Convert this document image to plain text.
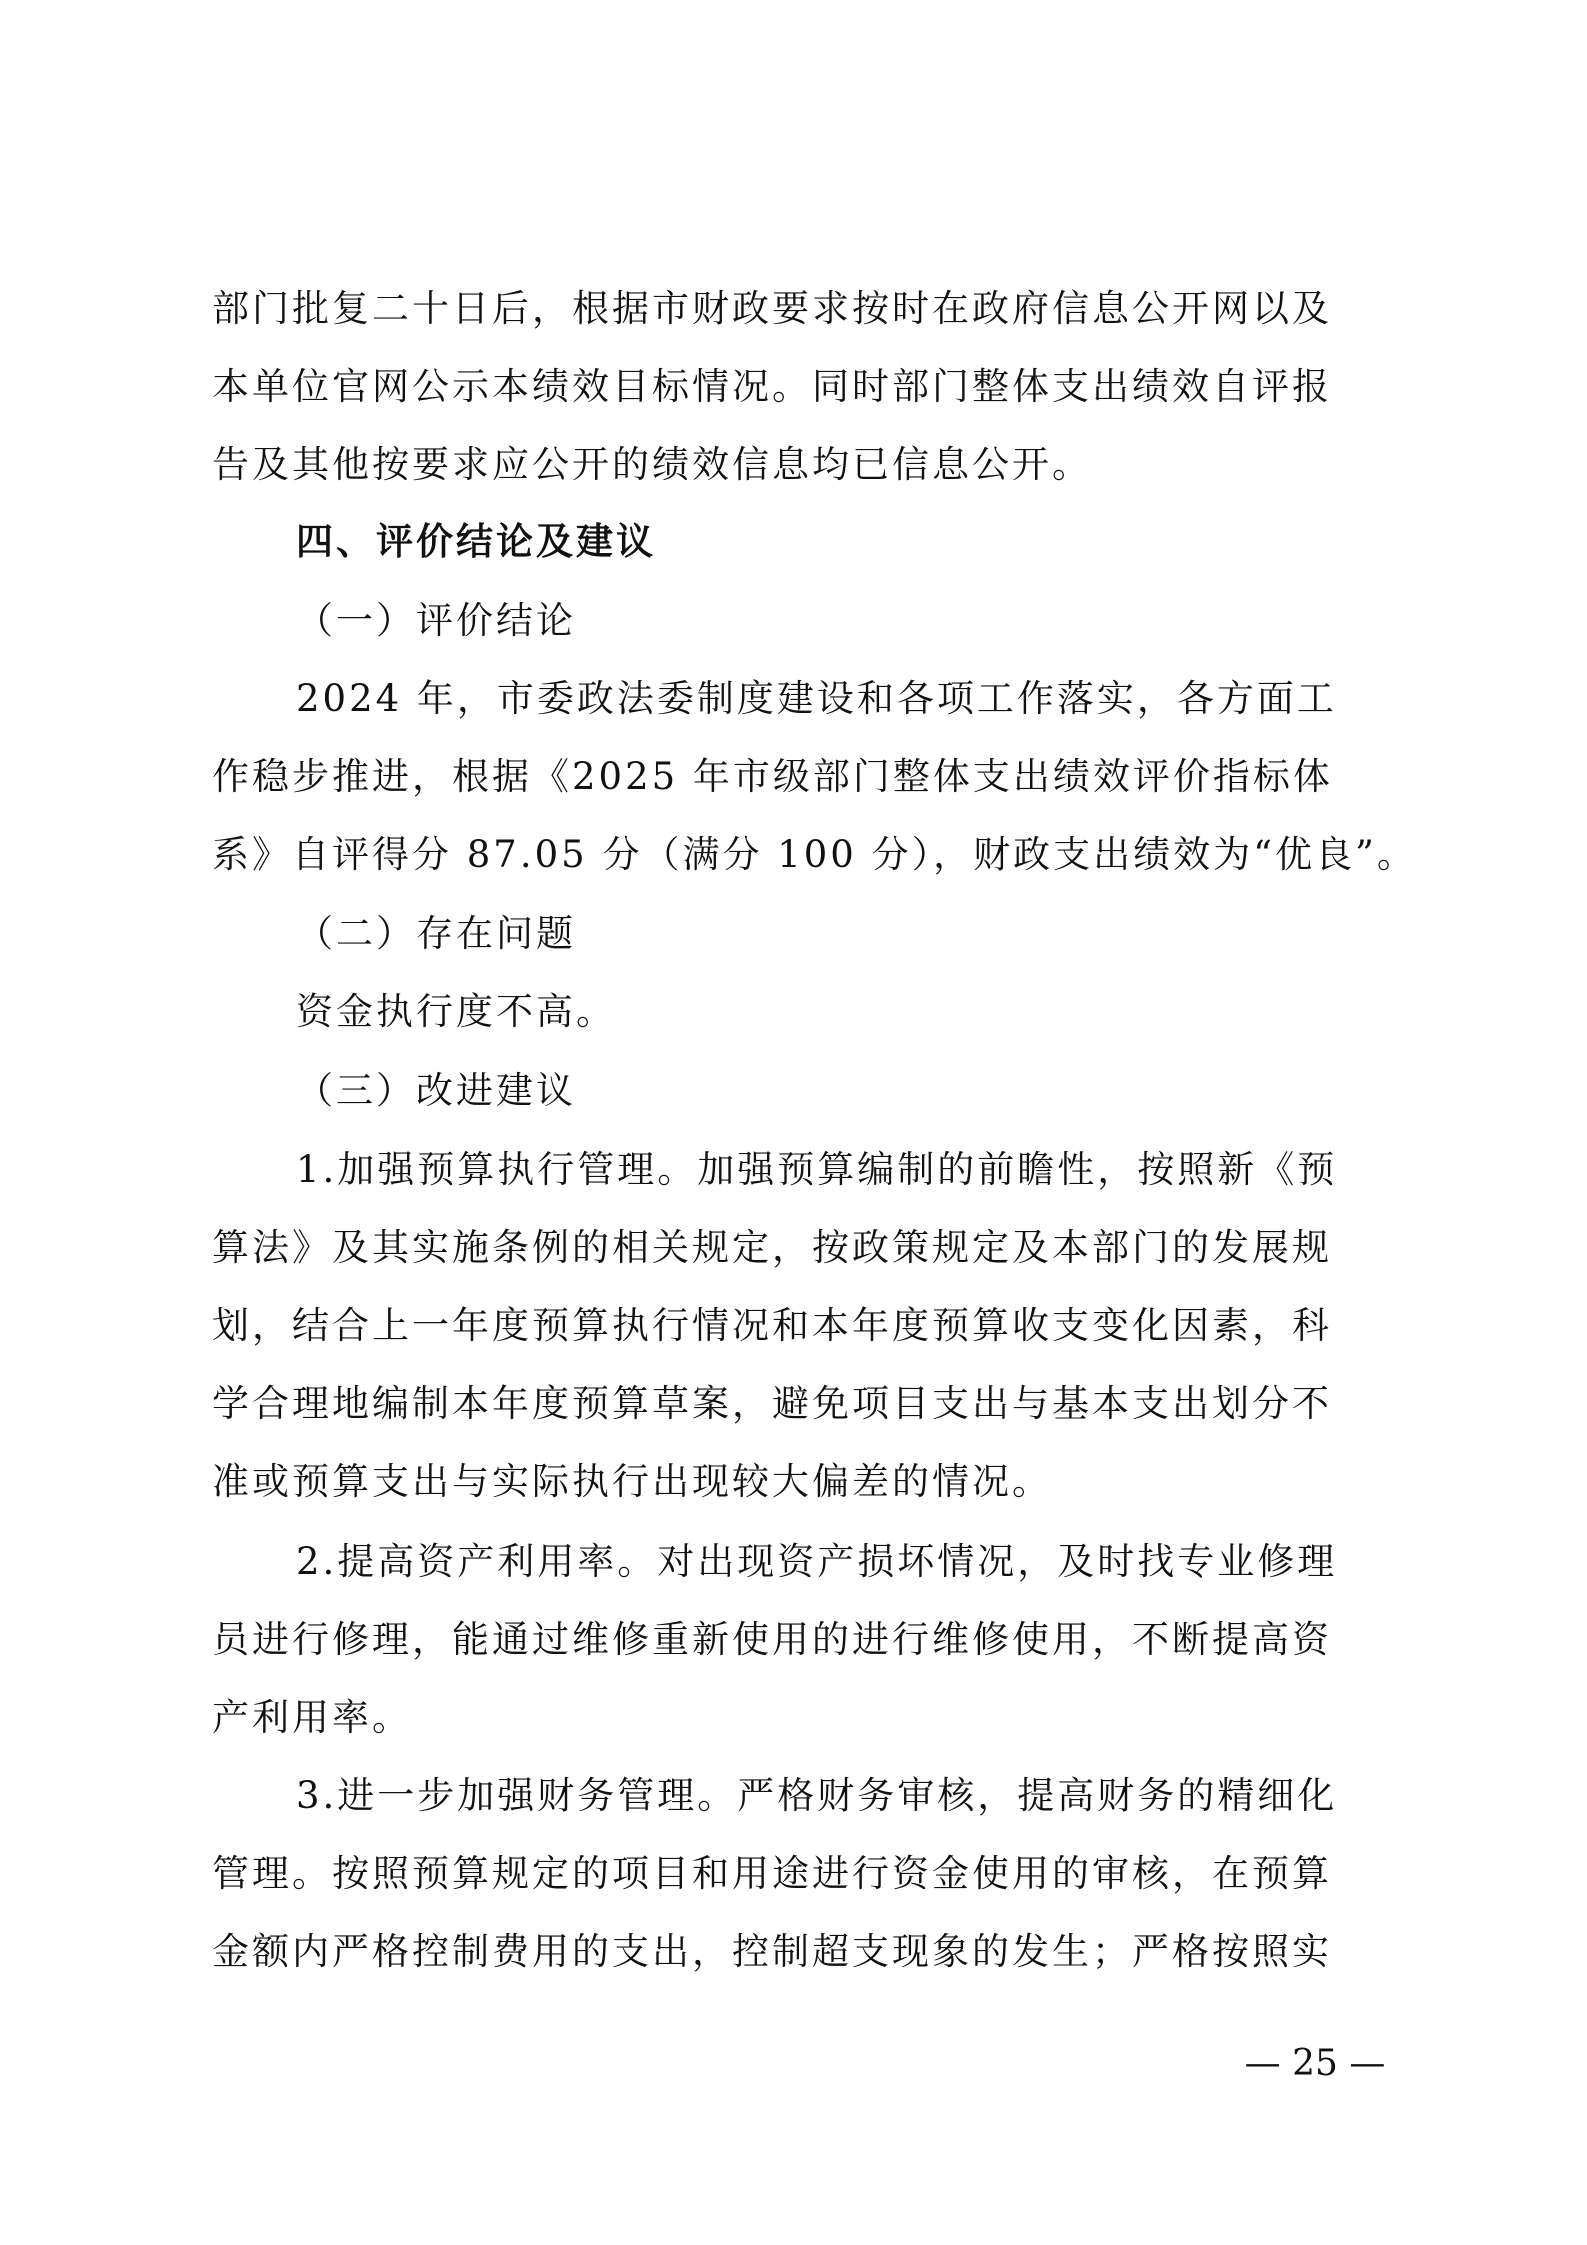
部门批复二十日后，根据市财政要求按时在政府信息公开网以及
本单位官网公示本绩效目标情况。同时部门整体支出绩效自评报
告及其他按要求应公开的绩效信息均已信息公开。
四、评价结论及建议
（一）评价结论
2024 年，市委政法委制度建设和各项工作落实，各方面工
作稳步推进，根据《2025 年市级部门整体支出绩效评价指标体
系》自评得分 87.05 分（满分 100 分），财政支出绩效为“优良”。
（二）存在问题
资金执行度不高。
（三）改进建议
1.加强预算执行管理。加强预算编制的前瞻性，按照新《预
算法》及其实施条例的相关规定，按政策规定及本部门的发展规
划，结合上一年度预算执行情况和本年度预算收支变化因素，科
学合理地编制本年度预算草案，避免项目支出与基本支出划分不
准或预算支出与实际执行出现较大偏差的情况。
2.提高资产利用率。对出现资产损坏情况，及时找专业修理
员进行修理，能通过维修重新使用的进行维修使用，不断提高资
产利用率。
3.进一步加强财务管理。严格财务审核，提高财务的精细化
管理。按照预算规定的项目和用途进行资金使用的审核，在预算
金额内严格控制费用的支出，控制超支现象的发生；严格按照实
— 25 —
